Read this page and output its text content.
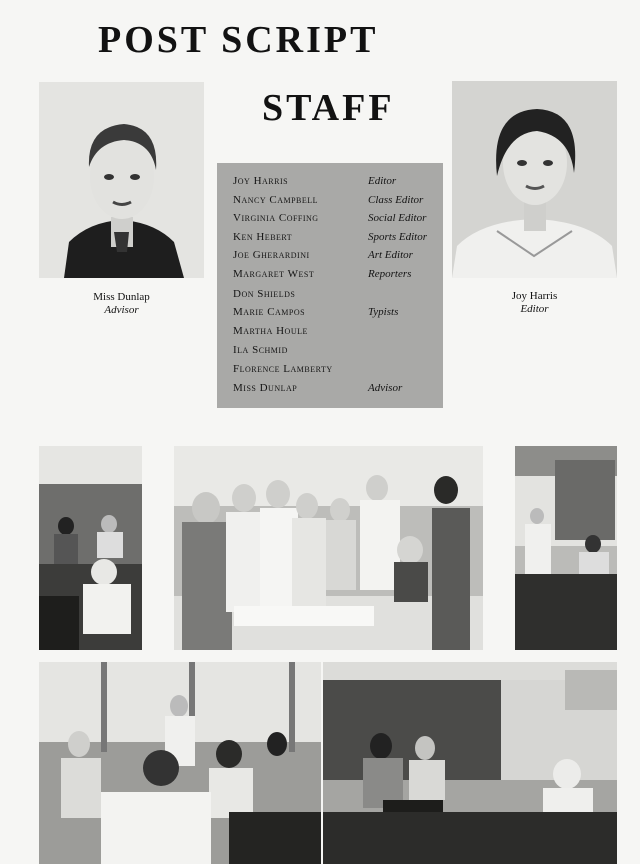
POST SCRIPT
STAFF
Miss Dunlap
Advisor
Joy Harris
Editor
Joy Harris	Editor
Nancy Campbell	Class Editor
Virginia Coffing	Social Editor
Ken Hebert	Sports Editor
Joe Gherardini	Art Editor
Margaret West	Reporters
Don Shields
Marie Campos	Typists
Martha Houle
Ila Schmid
Florence Lamberty
Miss Dunlap	Advisor
